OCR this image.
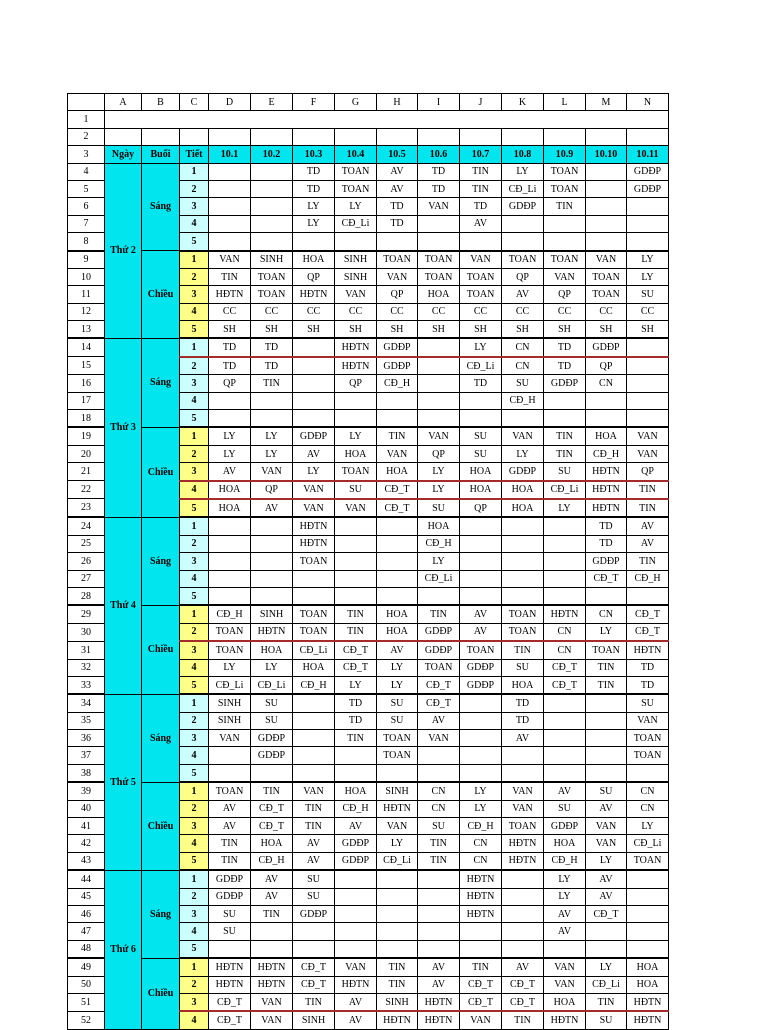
	A	B	C	D	E	F	G	H	I	J	K	L	M	N
1														
2														
3	Ngày	Buổi	Tiết	10.1	10.2	10.3	10.4	10.5	10.6	10.7	10.8	10.9	10.10	10.11
4	Thứ 2	Sáng	1			TD	TOAN	AV	TD	TIN	LY	TOAN		GDĐP
5			2			TD	TOAN	AV	TD	TIN	CĐ_Li	TOAN		GDĐP
6			3			LY	LY	TD	VAN	TD	GDĐP	TIN		
7			4			LY	CĐ_Li	TD		AV				
8			5											
9		Chiều	1	VAN	SINH	HOA	SINH	TOAN	TOAN	VAN	TOAN	TOAN	VAN	LY
10			2	TIN	TOAN	QP	SINH	VAN	TOAN	TOAN	QP	VAN	TOAN	LY
11			3	HĐTN	TOAN	HĐTN	VAN	QP	HOA	TOAN	AV	QP	TOAN	SU
12			4	CC	CC	CC	CC	CC	CC	CC	CC	CC	CC	CC
13			5	SH	SH	SH	SH	SH	SH	SH	SH	SH	SH	SH
14	Thứ 3	Sáng	1	TD	TD		HĐTN	GDĐP		LY	CN	TD	GDĐP	
15			2	TD	TD		HĐTN	GDĐP		CĐ_Li	CN	TD	QP	
16			3	QP	TIN		QP	CĐ_H		TD	SU	GDĐP	CN	
17			4								CĐ_H			
18			5											
19		Chiều	1	LY	LY	GDĐP	LY	TIN	VAN	SU	VAN	TIN	HOA	VAN
20			2	LY	LY	AV	HOA	VAN	QP	SU	LY	TIN	CĐ_H	VAN
21			3	AV	VAN	LY	TOAN	HOA	LY	HOA	GDĐP	SU	HĐTN	QP
22			4	HOA	QP	VAN	SU	CĐ_T	LY	HOA	HOA	CĐ_Li	HĐTN	TIN
23			5	HOA	AV	VAN	VAN	CĐ_T	SU	QP	HOA	LY	HĐTN	TIN
24	Thứ 4	Sáng	1			HĐTN			HOA				TD	AV
25			2			HĐTN			CĐ_H				TD	AV
26			3			TOAN			LY				GDĐP	TIN
27			4						CĐ_Li				CĐ_T	CĐ_H
28			5											
29		Chiều	1	CĐ_H	SINH	TOAN	TIN	HOA	TIN	AV	TOAN	HĐTN	CN	CĐ_T
30			2	TOAN	HĐTN	TOAN	TIN	HOA	GDĐP	AV	TOAN	CN	LY	CĐ_T
31			3	TOAN	HOA	CĐ_Li	CĐ_T	AV	GDĐP	TOAN	TIN	CN	TOAN	HĐTN
32			4	LY	LY	HOA	CĐ_T	LY	TOAN	GDĐP	SU	CĐ_T	TIN	TD
33			5	CĐ_Li	CĐ_Li	CĐ_H	LY	LY	CĐ_T	GDĐP	HOA	CĐ_T	TIN	TD
34	Thứ 5	Sáng	1	SINH	SU		TD	SU	CĐ_T		TD			SU
35			2	SINH	SU		TD	SU	AV		TD			VAN
36			3	VAN	GDĐP		TIN	TOAN	VAN		AV			TOAN
37			4		GDĐP			TOAN						TOAN
38			5											
39		Chiều	1	TOAN	TIN	VAN	HOA	SINH	CN	LY	VAN	AV	SU	CN
40			2	AV	CĐ_T	TIN	CĐ_H	HĐTN	CN	LY	VAN	SU	AV	CN
41			3	AV	CĐ_T	TIN	AV	VAN	SU	CĐ_H	TOAN	GDĐP	VAN	LY
42			4	TIN	HOA	AV	GDĐP	LY	TIN	CN	HĐTN	HOA	VAN	CĐ_Li
43			5	TIN	CĐ_H	AV	GDĐP	CĐ_Li	TIN	CN	HĐTN	CĐ_H	LY	TOAN
44	Thứ 6	Sáng	1	GDĐP	AV	SU				HĐTN		LY	AV	
45			2	GDĐP	AV	SU				HĐTN		LY	AV	
46			3	SU	TIN	GDĐP				HĐTN		AV	CĐ_T	
47			4	SU								AV		
48			5											
49		Chiều	1	HĐTN	HĐTN	CĐ_T	VAN	TIN	AV	TIN	AV	VAN	LY	HOA
50			2	HĐTN	HĐTN	CĐ_T	HĐTN	TIN	AV	CĐ_T	CĐ_T	VAN	CĐ_Li	HOA
51			3	CĐ_T	VAN	TIN	AV	SINH	HĐTN	CĐ_T	CĐ_T	HOA	TIN	HĐTN
52			4	CĐ_T	VAN	SINH	AV	HĐTN	HĐTN	VAN	TIN	HĐTN	SU	HĐTN
